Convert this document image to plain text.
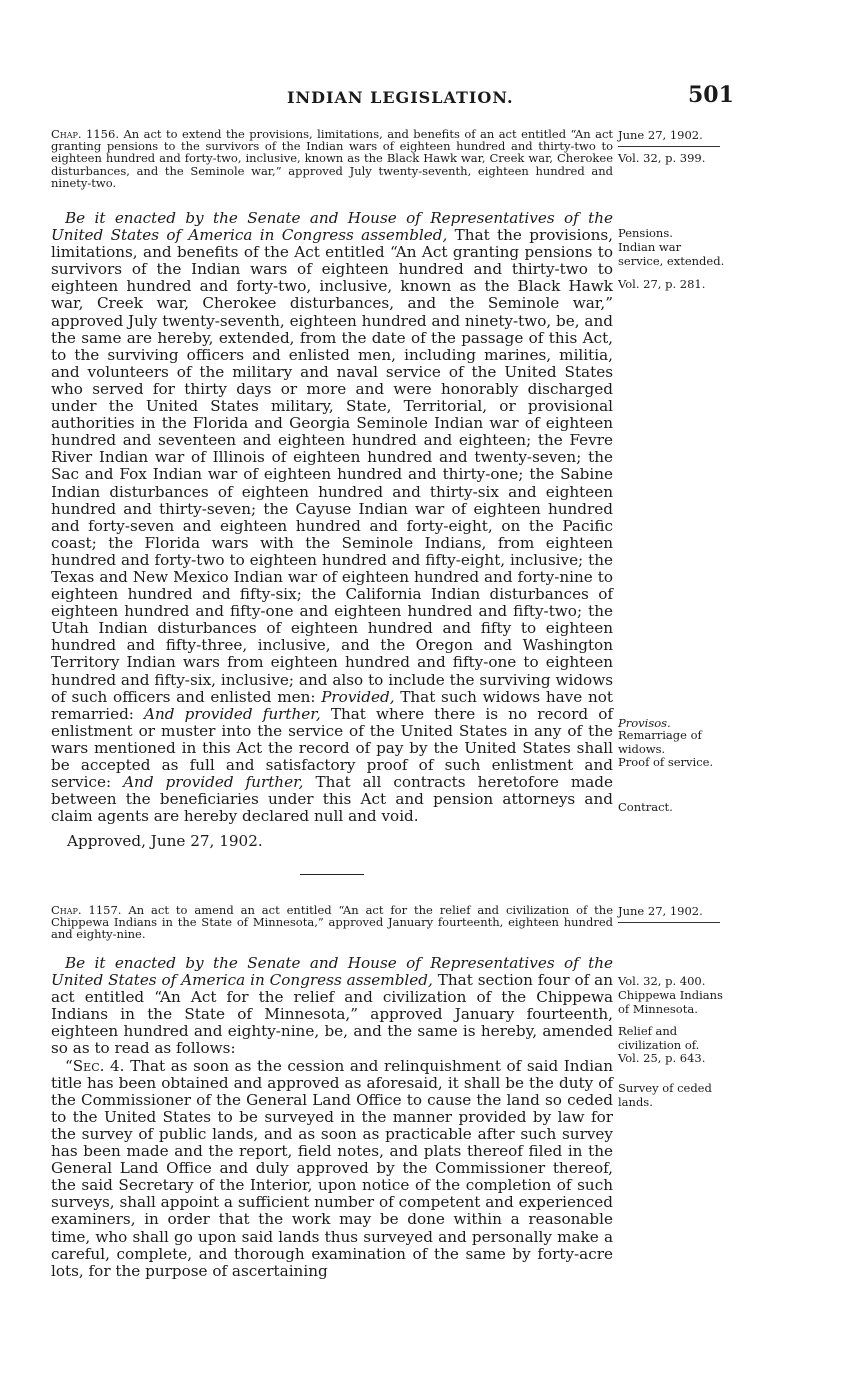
INDIAN LEGISLATION.	501
Chap. 1156. An act to extend the provisions, limitations, and benefits of an act entitled “An act granting pensions to the survivors of the Indian wars of eighteen hundred and thirty-two to eighteen hundred and forty-two, inclusive, known as the Black Hawk war, Creek war, Cherokee disturbances, and the Seminole war,” approved July twenty-seventh, eighteen hundred and ninety-two.
June 27, 1902.
Vol. 32, p. 399.

Be it enacted by the Senate and House of Representatives of the United States of America in Congress assembled, That the provisions, limitations, and benefits of the Act entitled “An Act granting pensions to survivors of the Indian wars of eighteen hundred and thirty-two to eighteen hundred and forty-two, inclusive, known as the Black Hawk war, Creek war, Cherokee disturbances, and the Seminole war,” approved July twenty-seventh, eighteen hundred and ninety-two, be, and the same are hereby, extended, from the date of the passage of this Act, to the surviving officers and enlisted men, including marines, militia, and volunteers of the military and naval service of the United States who served for thirty days or more and were honorably discharged under the United States military, State, Territorial, or provisional authorities in the Florida and Georgia Seminole Indian war of eighteen hundred and seventeen and eighteen hundred and eighteen; the Fevre River Indian war of Illinois of eighteen hundred and twenty-seven; the Sac and Fox Indian war of eighteen hundred and thirty-one; the Sabine Indian disturbances of eighteen hundred and thirty-six and eighteen hundred and thirty-seven; the Cayuse Indian war of eighteen hundred and forty-seven and eighteen hundred and forty-eight, on the Pacific coast; the Florida wars with the Seminole Indians, from eighteen hundred and forty-two to eighteen hundred and fifty-eight, inclusive; the Texas and New Mexico Indian war of eighteen hundred and forty-nine to eighteen hundred and fifty-six; the California Indian disturbances of eighteen hundred and fifty-one and eighteen hundred and fifty-two; the Utah Indian disturbances of eighteen hundred and fifty to eighteen hundred and fifty-three, inclusive, and the Oregon and Washington Territory Indian wars from eighteen hundred and fifty-one to eighteen hundred and fifty-six, inclusive; and also to include the surviving widows of such officers and enlisted men: Provided, That such widows have not remarried: And provided further, That where there is no record of enlistment or muster into the service of the United States in any of the wars mentioned in this Act the record of pay by the United States shall be accepted as full and satisfactory proof of such enlistment and service: And provided further, That all contracts heretofore made between the beneficiaries under this Act and pension attorneys and claim agents are hereby declared null and void.

Approved, June 27, 1902.
Pensions.
Indian war service, extended.
Vol. 27, p. 281.
Provisos.
Remarriage of widows.
Proof of service.
Contract.
Chap. 1157. An act to amend an act entitled “An act for the relief and civilization of the Chippewa Indians in the State of Minnesota,” approved January fourteenth, eighteen hundred and eighty-nine.
June 27, 1902.

Be it enacted by the Senate and House of Representatives of the United States of America in Congress assembled, That section four of an act entitled “An Act for the relief and civilization of the Chippewa Indians in the State of Minnesota,” approved January fourteenth, eighteen hundred and eighty-nine, be, and the same is hereby, amended so as to read as follows:

“Sec. 4. That as soon as the cession and relinquishment of said Indian title has been obtained and approved as aforesaid, it shall be the duty of the Commissioner of the General Land Office to cause the land so ceded to the United States to be surveyed in the manner provided by law for the survey of public lands, and as soon as practicable after such survey has been made and the report, field notes, and plats thereof filed in the General Land Office and duly approved by the Commissioner thereof, the said Secretary of the Interior, upon notice of the completion of such surveys, shall appoint a sufficient number of competent and experienced examiners, in order that the work may be done within a reasonable time, who shall go upon said lands thus surveyed and personally make a careful, complete, and thorough examination of the same by forty-acre lots, for the purpose of ascertaining

Vol. 32, p. 400.
Chippewa Indians of Minnesota.
Relief and civilization of.
Vol. 25, p. 643.
Survey of ceded lands.
